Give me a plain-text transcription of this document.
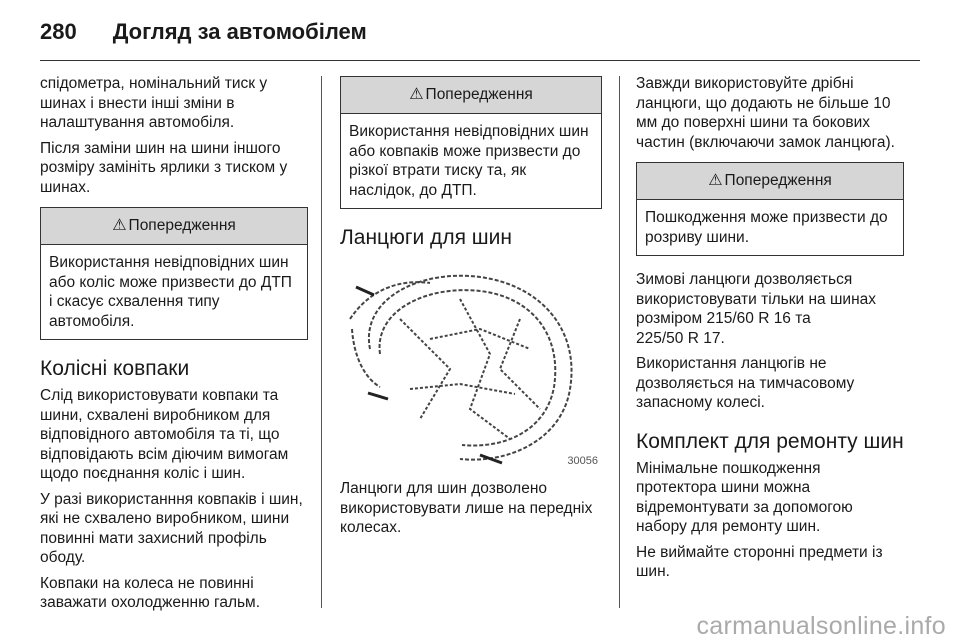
280 Догляд за автомобілем

спідометра, номінальний тиск у шинах і внести інші зміни в налаштування автомобіля.

Після заміни шин на шини іншого розміру замініть ярлики з тиском у шинах.

⚠ Попередження
Використання невідповідних шин або коліс може призвести до ДТП і скасує схвалення типу автомобіля.
Колісні ковпаки

Слід використовувати ковпаки та шини, схвалені виробником для відповідного автомобіля та ті, що відповідають всім діючим вимогам щодо поєднання коліс і шин.

У разі використанння ковпаків і шин, які не схвалено виробником, шини повинні мати захисний профіль ободу.

Ковпаки на колеса не повинні заважати охолодженню гальм.

⚠ Попередження
Використання невідповідних шин або ковпаків може призвести до різкої втрати тиску та, як наслідок, до ДТП.
Ланцюги для шин
30056

Ланцюги для шин дозволено використовувати лише на передніх колесах.

Завжди використовуйте дрібні ланцюги, що додають не більше 10 мм до поверхні шини та бокових частин (включаючи замок ланцюга).

⚠ Попередження
Пошкодження може призвести до розриву шини.

Зимові ланцюги дозволяється використовувати тільки на шинах розміром 215/60 R 16 та

225/50 R 17.

Використання ланцюгів не дозволяється на тимчасовому запасному колесі.

Комплект для ремонту шин

Мінімальне пошкодження протектора шини можна відремонтувати за допомогою набору для ремонту шин.

Не виймайте сторонні предмети із шин.

carmanualsonline.info
